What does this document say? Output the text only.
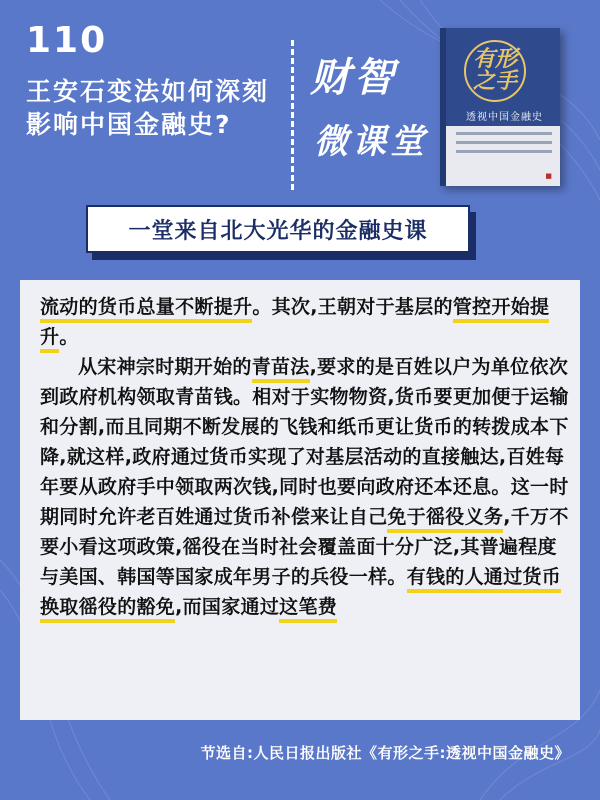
110
王安石变法如何深刻影响中国金融史?
财智
微课堂
有形之手
透视中国金融史
■
一堂来自北大光华的金融史课

流动的货币总量不断提升。其次,王朝对于基层的管控开始提升。

从宋神宗时期开始的青苗法,要求的是百姓以户为单位依次到政府机构领取青苗钱。相对于实物物资,货币要更加便于运输和分割,而且同期不断发展的飞钱和纸币更让货币的转拨成本下降,就这样,政府通过货币实现了对基层活动的直接触达,百姓每年要从政府手中领取两次钱,同时也要向政府还本还息。这一时期同时允许老百姓通过货币补偿来让自己免于徭役义务,千万不要小看这项政策,徭役在当时社会覆盖面十分广泛,其普遍程度与美国、韩国等国家成年男子的兵役一样。有钱的人通过货币换取徭役的豁免,而国家通过这笔费

节选自:人民日报出版社《有形之手:透视中国金融史》
